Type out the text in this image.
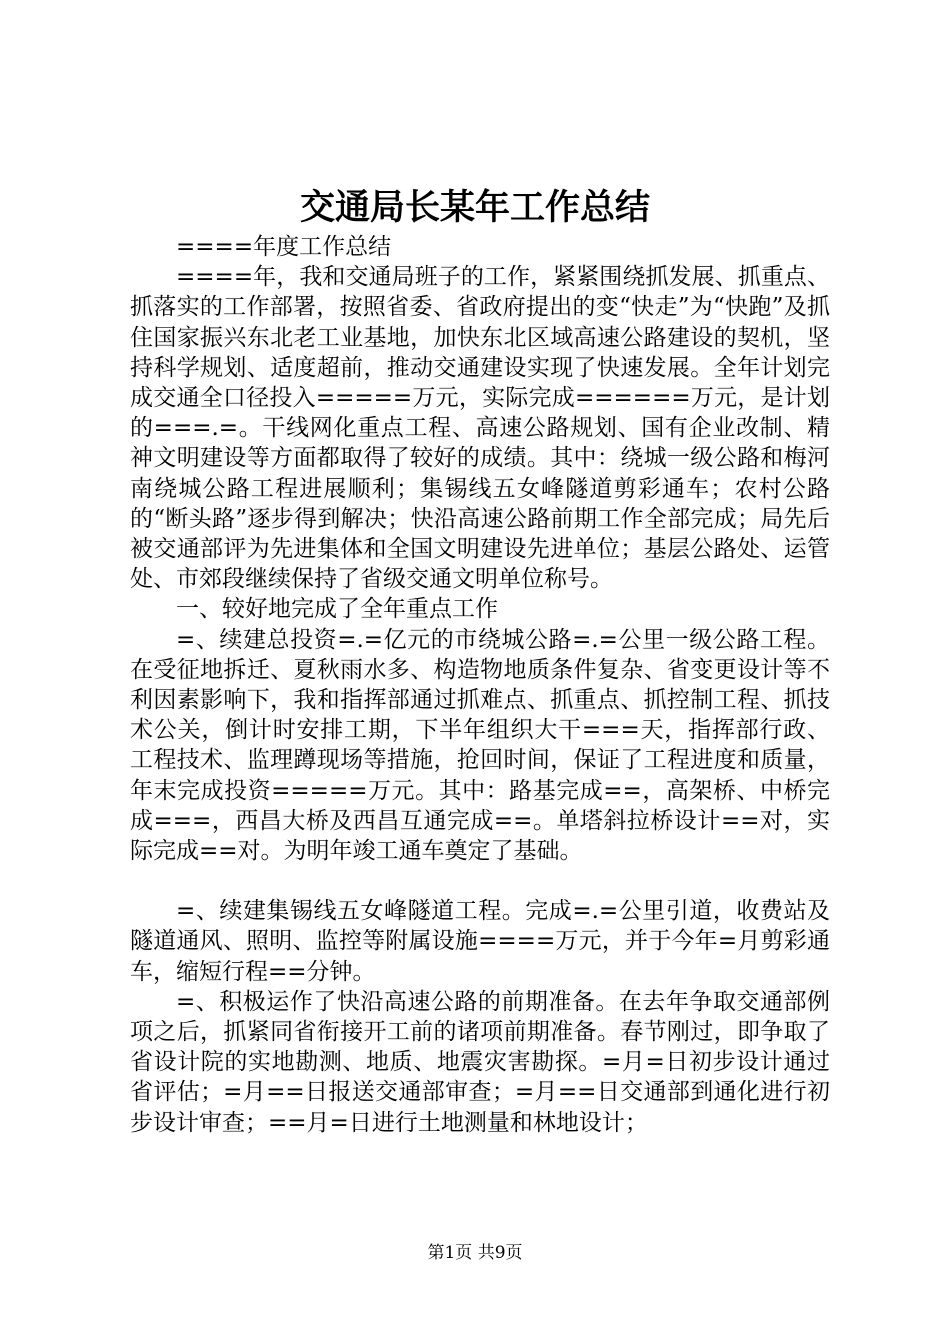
交通局长某年工作总结

====年度工作总结

====年，我和交通局班子的工作，紧紧围绕抓发展、抓重点、抓落实的工作部署，按照省委、省政府提出的变“快走”为“快跑”及抓住国家振兴东北老工业基地，加快东北区域高速公路建设的契机，坚持科学规划、适度超前，推动交通建设实现了快速发展。全年计划完成交通全口径投入=====万元，实际完成======万元，是计划的===.=。干线网化重点工程、高速公路规划、国有企业改制、精神文明建设等方面都取得了较好的成绩。其中：绕城一级公路和梅河南绕城公路工程进展顺利；集锡线五女峰隧道剪彩通车；农村公路的“断头路”逐步得到解决；快沿高速公路前期工作全部完成；局先后被交通部评为先进集体和全国文明建设先进单位；基层公路处、运管处、市郊段继续保持了省级交通文明单位称号。

一、较好地完成了全年重点工作

=、续建总投资=.=亿元的市绕城公路=.=公里一级公路工程。在受征地拆迁、夏秋雨水多、构造物地质条件复杂、省变更设计等不利因素影响下，我和指挥部通过抓难点、抓重点、抓控制工程、抓技术公关，倒计时安排工期，下半年组织大干===天，指挥部行政、工程技术、监理蹲现场等措施，抢回时间，保证了工程进度和质量，年末完成投资=====万元。其中：路基完成==，高架桥、中桥完成===，西昌大桥及西昌互通完成==。单塔斜拉桥设计==对，实际完成==对。为明年竣工通车奠定了基础。

=、续建集锡线五女峰隧道工程。完成=.=公里引道，收费站及隧道通风、照明、监控等附属设施====万元，并于今年=月剪彩通车，缩短行程==分钟。

=、积极运作了快沿高速公路的前期准备。在去年争取交通部例项之后，抓紧同省衔接开工前的诸项前期准备。春节刚过，即争取了省设计院的实地勘测、地质、地震灾害勘探。=月=日初步设计通过省评估；=月==日报送交通部审查；=月==日交通部到通化进行初步设计审查；==月=日进行土地测量和林地设计；

第1页 共9页
